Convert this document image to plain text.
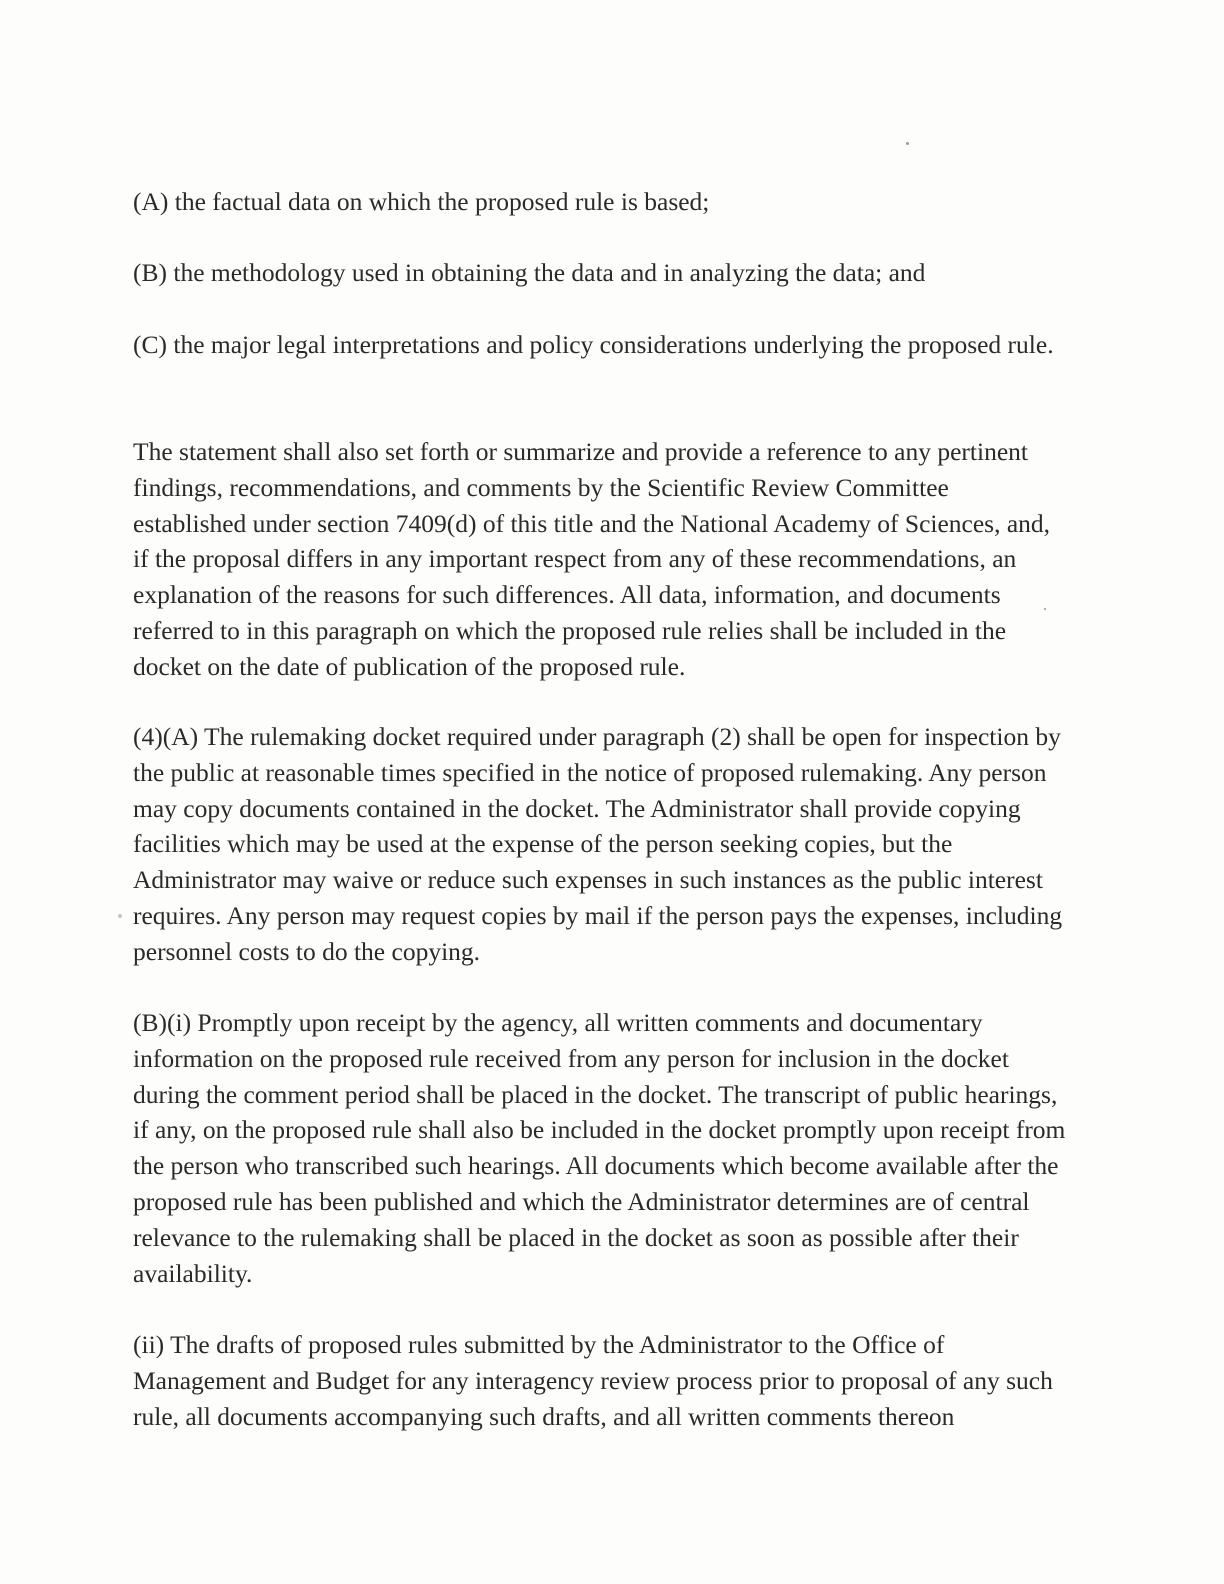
(A) the factual data on which the proposed rule is based;

(B) the methodology used in obtaining the data and in analyzing the data; and

(C) the major legal interpretations and policy considerations underlying the proposed rule.

The statement shall also set forth or summarize and provide a reference to any pertinent findings, recommendations, and comments by the Scientific Review Committee established under section 7409(d) of this title and the National Academy of Sciences, and, if the proposal differs in any important respect from any of these recommendations, an explanation of the reasons for such differences. All data, information, and documents referred to in this paragraph on which the proposed rule relies shall be included in the docket on the date of publication of the proposed rule.

(4)(A) The rulemaking docket required under paragraph (2) shall be open for inspection by the public at reasonable times specified in the notice of proposed rulemaking. Any person may copy documents contained in the docket. The Administrator shall provide copying facilities which may be used at the expense of the person seeking copies, but the Administrator may waive or reduce such expenses in such instances as the public interest requires. Any person may request copies by mail if the person pays the expenses, including personnel costs to do the copying.

(B)(i) Promptly upon receipt by the agency, all written comments and documentary information on the proposed rule received from any person for inclusion in the docket during the comment period shall be placed in the docket. The transcript of public hearings, if any, on the proposed rule shall also be included in the docket promptly upon receipt from the person who transcribed such hearings. All documents which become available after the proposed rule has been published and which the Administrator determines are of central relevance to the rulemaking shall be placed in the docket as soon as possible after their availability.

(ii) The drafts of proposed rules submitted by the Administrator to the Office of Management and Budget for any interagency review process prior to proposal of any such rule, all documents accompanying such drafts, and all written comments thereon
